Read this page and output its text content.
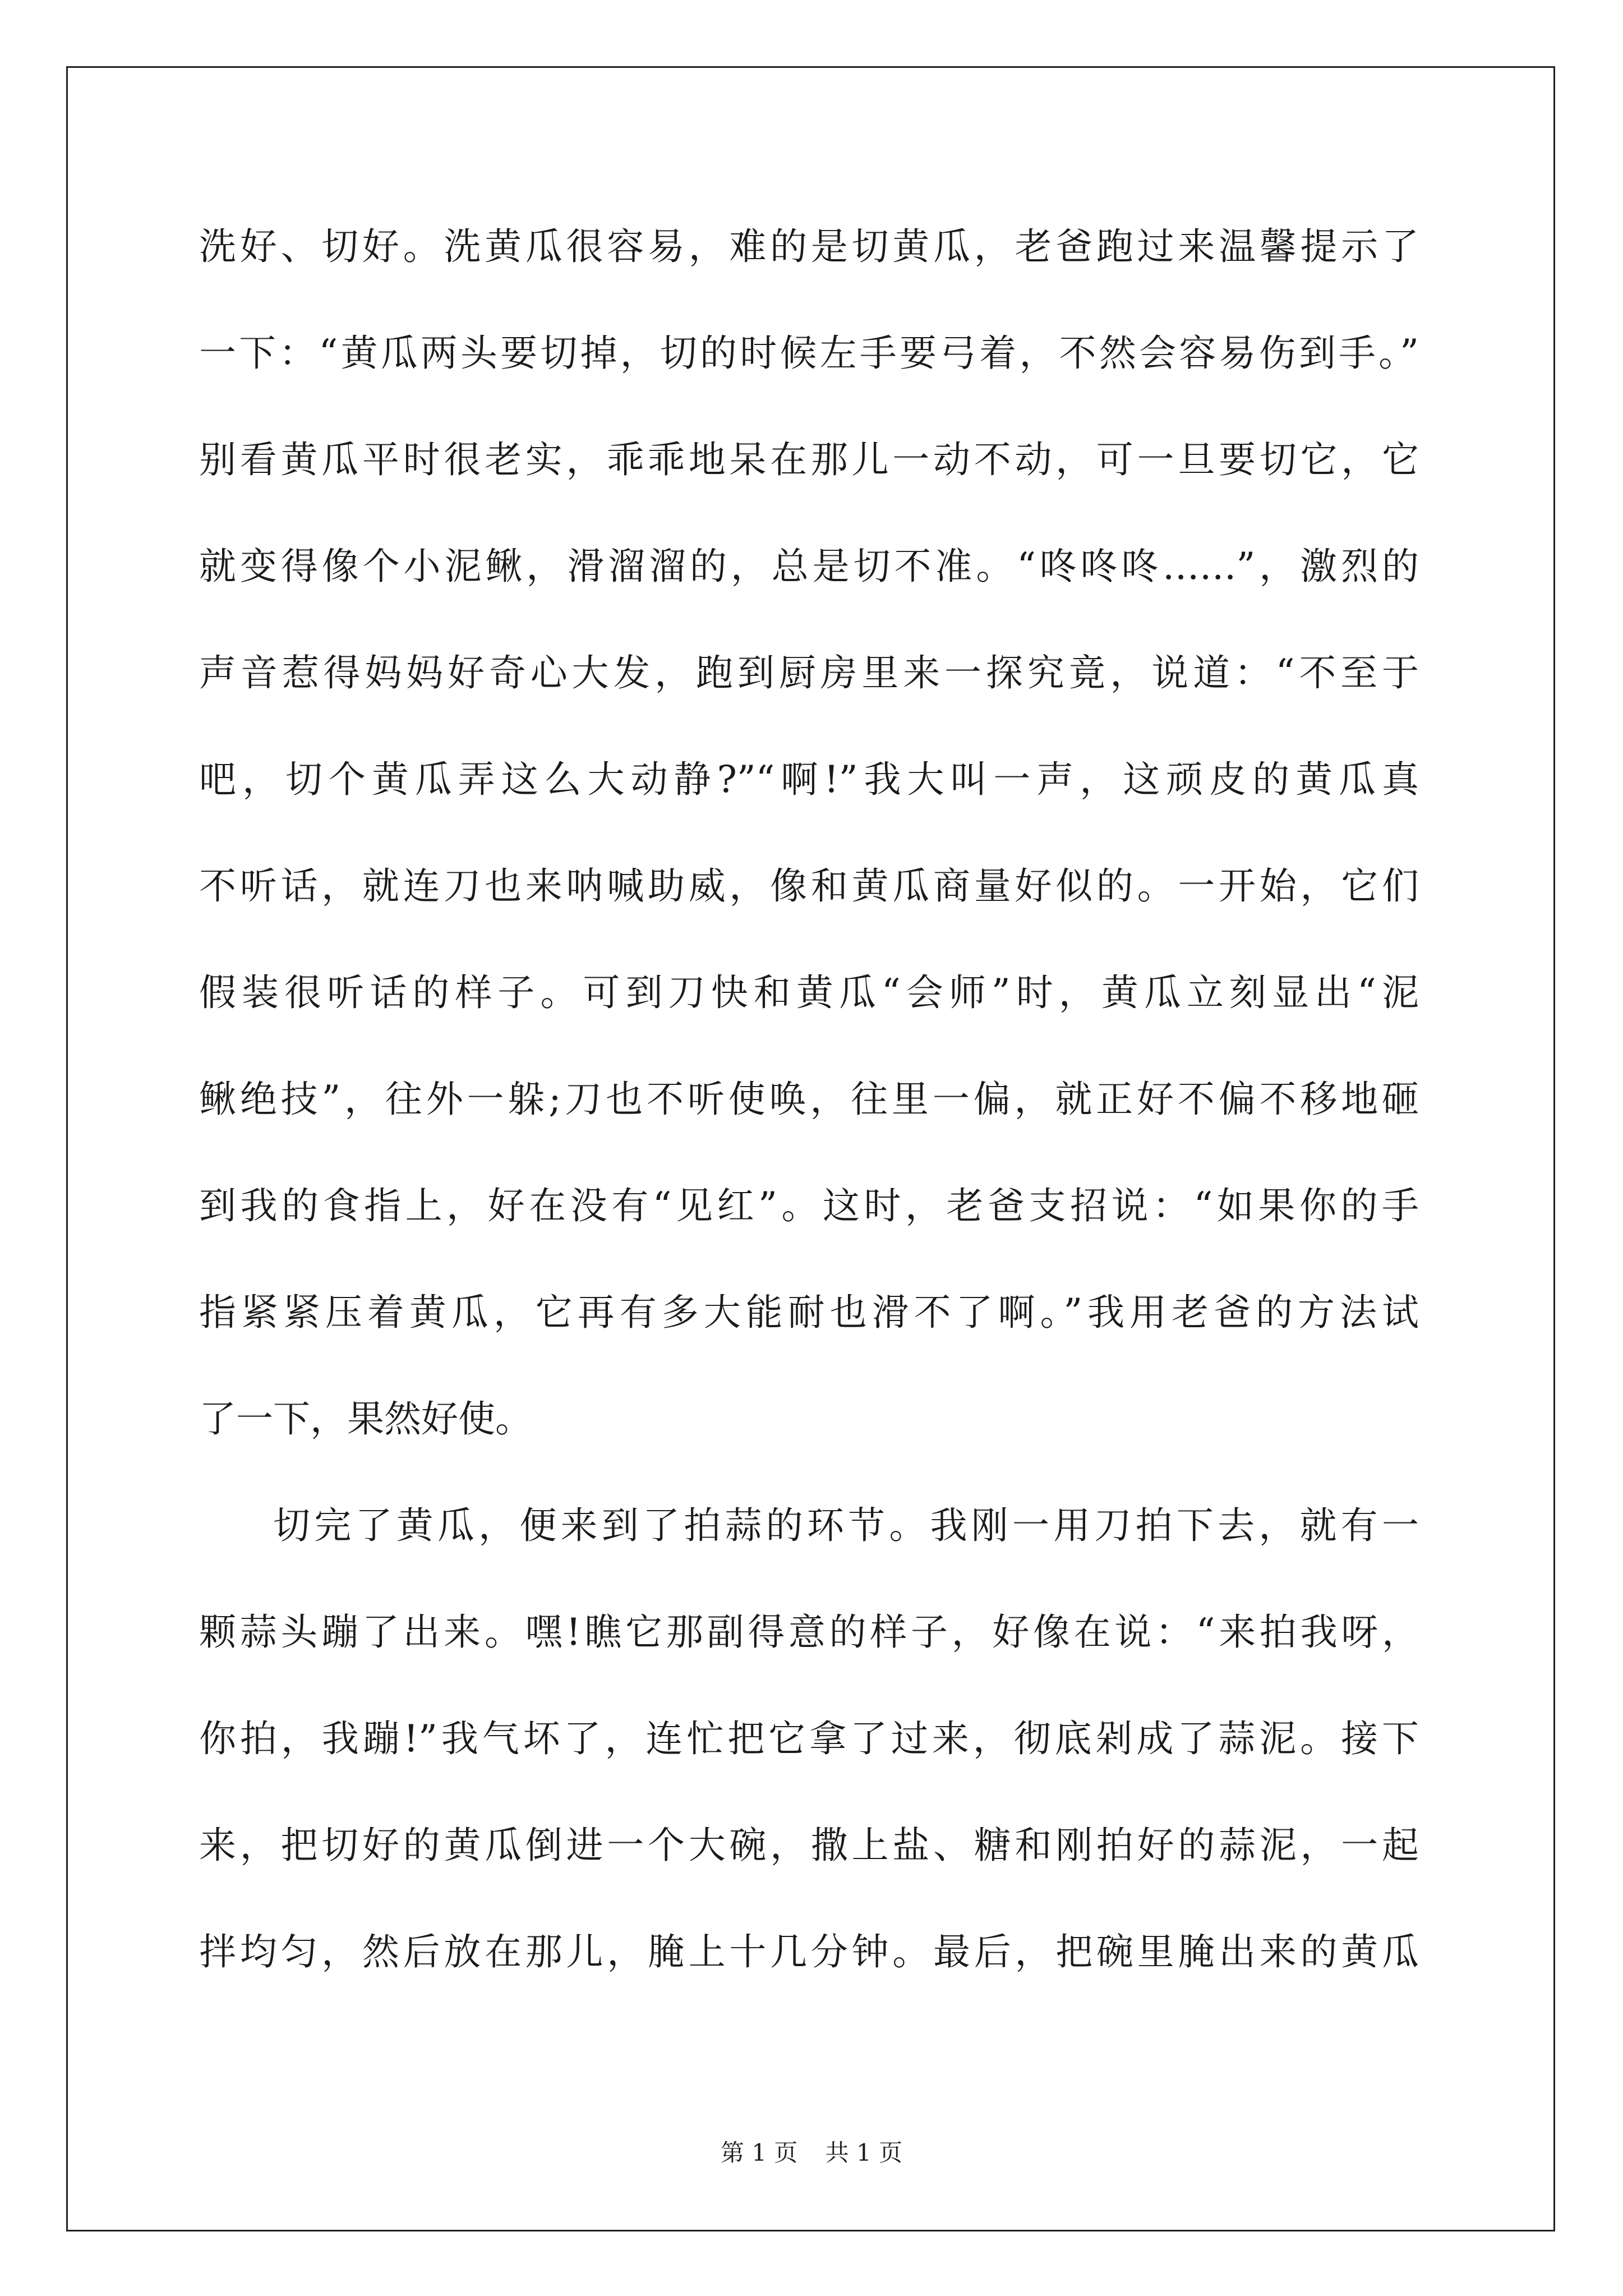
洗好、切好。洗黄瓜很容易，难的是切黄瓜，老爸跑过来温馨提示了
一下：“黄瓜两头要切掉，切的时候左手要弓着，不然会容易伤到手。”
别看黄瓜平时很老实，乖乖地呆在那儿一动不动，可一旦要切它，它
就变得像个小泥鳅，滑溜溜的，总是切不准。“咚咚咚……”，激烈的
声音惹得妈妈好奇心大发，跑到厨房里来一探究竟，说道：“不至于
吧，切个黄瓜弄这么大动静?”“啊!”我大叫一声，这顽皮的黄瓜真
不听话，就连刀也来呐喊助威，像和黄瓜商量好似的。一开始，它们
假装很听话的样子。可到刀快和黄瓜“会师”时，黄瓜立刻显出“泥
鳅绝技”，往外一躲;刀也不听使唤，往里一偏，就正好不偏不移地砸
到我的食指上，好在没有“见红”。这时，老爸支招说：“如果你的手
指紧紧压着黄瓜，它再有多大能耐也滑不了啊。”我用老爸的方法试
了一下，果然好使。
切完了黄瓜，便来到了拍蒜的环节。我刚一用刀拍下去，就有一
颗蒜头蹦了出来。嘿!瞧它那副得意的样子，好像在说：“来拍我呀，
你拍，我蹦!”我气坏了，连忙把它拿了过来，彻底剁成了蒜泥。接下
来，把切好的黄瓜倒进一个大碗，撒上盐、糖和刚拍好的蒜泥，一起
拌均匀，然后放在那儿，腌上十几分钟。最后，把碗里腌出来的黄瓜
第 1 页 共 1 页
